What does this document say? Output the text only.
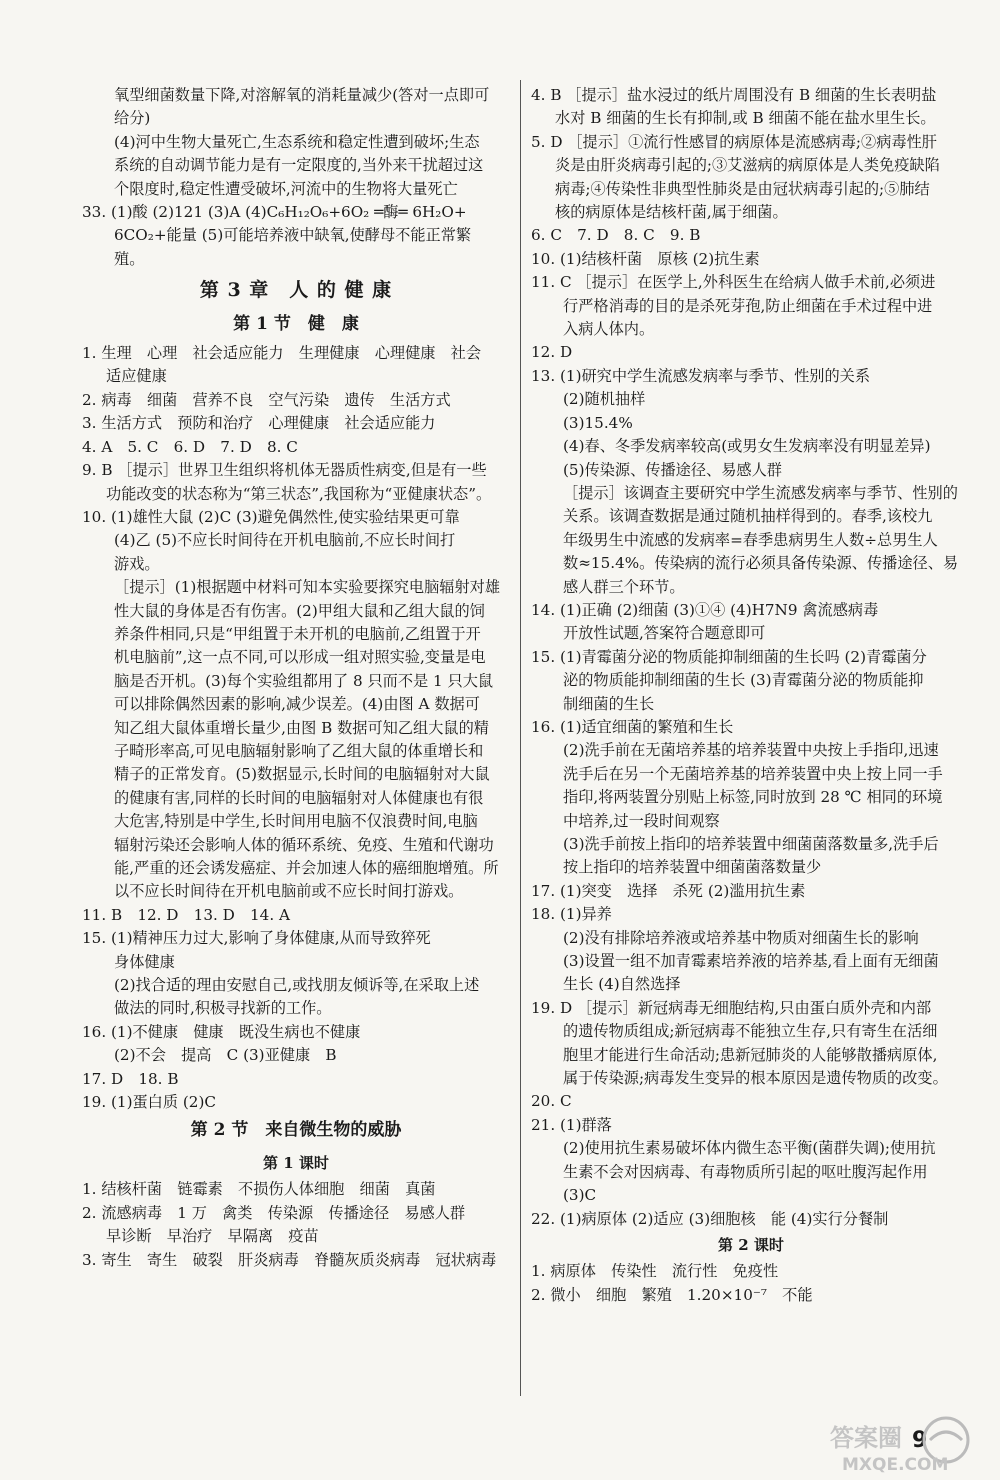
氧型细菌数量下降,对溶解氧的消耗量减少(答对一点即可
给分)
(4)河中生物大量死亡,生态系统和稳定性遭到破坏;生态
系统的自动调节能力是有一定限度的,当外来干扰超过这
个限度时,稳定性遭受破坏,河流中的生物将大量死亡
33. (1)酸 (2)121 (3)A (4)C₆H₁₂O₆+6O₂ ═酶═ 6H₂O+
6CO₂+能量 (5)可能培养液中缺氧,使酵母不能正常繁
殖。
第 3 章　人 的 健 康
第 1 节　健　康
1. 生理　心理　社会适应能力　生理健康　心理健康　社会
适应健康
2. 病毒　细菌　营养不良　空气污染　遗传　生活方式
3. 生活方式　预防和治疗　心理健康　社会适应能力
4. A　5. C　6. D　7. D　8. C
9. B ［提示］世界卫生组织将机体无器质性病变,但是有一些
功能改变的状态称为“第三状态”,我国称为“亚健康状态”。
10. (1)雄性大鼠 (2)C (3)避免偶然性,使实验结果更可靠
(4)乙 (5)不应长时间待在开机电脑前,不应长时间打
游戏。
［提示］(1)根据题中材料可知本实验要探究电脑辐射对雄
性大鼠的身体是否有伤害。(2)甲组大鼠和乙组大鼠的饲
养条件相同,只是“甲组置于未开机的电脑前,乙组置于开
机电脑前”,这一点不同,可以形成一组对照实验,变量是电
脑是否开机。(3)每个实验组都用了 8 只而不是 1 只大鼠
可以排除偶然因素的影响,减少误差。(4)由图 A 数据可
知乙组大鼠体重增长量少,由图 B 数据可知乙组大鼠的精
子畸形率高,可见电脑辐射影响了乙组大鼠的体重增长和
精子的正常发育。(5)数据显示,长时间的电脑辐射对大鼠
的健康有害,同样的长时间的电脑辐射对人体健康也有很
大危害,特别是中学生,长时间用电脑不仅浪费时间,电脑
辐射污染还会影响人体的循环系统、免疫、生殖和代谢功
能,严重的还会诱发癌症、并会加速人体的癌细胞增殖。所
以不应长时间待在开机电脑前或不应长时间打游戏。
11. B　12. D　13. D　14. A
15. (1)精神压力过大,影响了身体健康,从而导致猝死
身体健康
(2)找合适的理由安慰自己,或找朋友倾诉等,在采取上述
做法的同时,积极寻找新的工作。
16. (1)不健康　健康　既没生病也不健康
(2)不会　提高　C (3)亚健康　B
17. D　18. B
19. (1)蛋白质 (2)C
第 2 节　来自微生物的威胁
第 1 课时
1. 结核杆菌　链霉素　不损伤人体细胞　细菌　真菌
2. 流感病毒　1 万　禽类　传染源　传播途径　易感人群
早诊断　早治疗　早隔离　疫苗
3. 寄生　寄生　破裂　肝炎病毒　脊髓灰质炎病毒　冠状病毒
4. B ［提示］盐水浸过的纸片周围没有 B 细菌的生长表明盐
水对 B 细菌的生长有抑制,或 B 细菌不能在盐水里生长。
5. D ［提示］①流行性感冒的病原体是流感病毒;②病毒性肝
炎是由肝炎病毒引起的;③艾滋病的病原体是人类免疫缺陷
病毒;④传染性非典型性肺炎是由冠状病毒引起的;⑤肺结
核的病原体是结核杆菌,属于细菌。
6. C　7. D　8. C　9. B
10. (1)结核杆菌　原核 (2)抗生素
11. C ［提示］在医学上,外科医生在给病人做手术前,必须进
行严格消毒的目的是杀死芽孢,防止细菌在手术过程中进
入病人体内。
12. D
13. (1)研究中学生流感发病率与季节、性别的关系
(2)随机抽样
(3)15.4%
(4)春、冬季发病率较高(或男女生发病率没有明显差异)
(5)传染源、传播途径、易感人群
［提示］该调查主要研究中学生流感发病率与季节、性别的
关系。该调查数据是通过随机抽样得到的。春季,该校九
年级男生中流感的发病率=春季患病男生人数÷总男生人
数≈15.4%。传染病的流行必须具备传染源、传播途径、易
感人群三个环节。
14. (1)正确 (2)细菌 (3)①④ (4)H7N9 禽流感病毒
开放性试题,答案符合题意即可
15. (1)青霉菌分泌的物质能抑制细菌的生长吗 (2)青霉菌分
泌的物质能抑制细菌的生长 (3)青霉菌分泌的物质能抑
制细菌的生长
16. (1)适宜细菌的繁殖和生长
(2)洗手前在无菌培养基的培养装置中央按上手指印,迅速
洗手后在另一个无菌培养基的培养装置中央上按上同一手
指印,将两装置分别贴上标签,同时放到 28 ℃ 相同的环境
中培养,过一段时间观察
(3)洗手前按上指印的培养装置中细菌菌落数量多,洗手后
按上指印的培养装置中细菌菌落数量少
17. (1)突变　选择　杀死 (2)滥用抗生素
18. (1)异养
(2)没有排除培养液或培养基中物质对细菌生长的影响
(3)设置一组不加青霉素培养液的培养基,看上面有无细菌
生长 (4)自然选择
19. D ［提示］新冠病毒无细胞结构,只由蛋白质外壳和内部
的遗传物质组成;新冠病毒不能独立生存,只有寄生在活细
胞里才能进行生命活动;患新冠肺炎的人能够散播病原体,
属于传染源;病毒发生变异的根本原因是遗传物质的改变。
20. C
21. (1)群落
(2)使用抗生素易破坏体内微生态平衡(菌群失调);使用抗
生素不会对因病毒、有毒物质所引起的呕吐腹泻起作用
(3)C
22. (1)病原体 (2)适应 (3)细胞核　能 (4)实行分餐制
第 2 课时
1. 病原体　传染性　流行性　免疫性
2. 微小　细胞　繁殖　1.20×10⁻⁷　不能
9
答案圈
MXQE.COM
